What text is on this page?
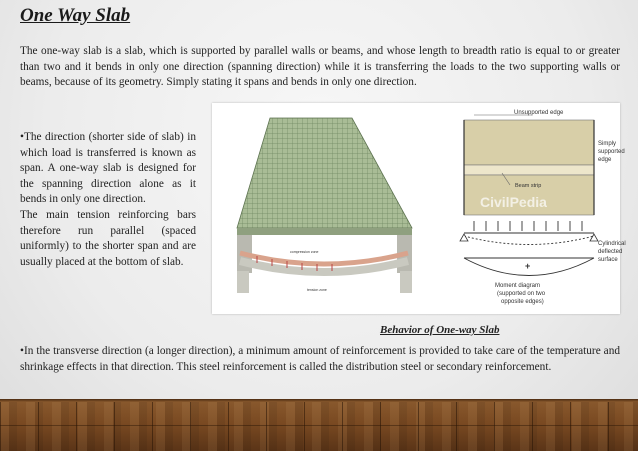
One Way Slab
The one-way slab is a slab, which is supported by parallel walls or beams, and whose length to breadth ratio is equal to or greater than two and it bends in only one direction (spanning direction) while it is transferring the loads to the two supporting walls or beams, because of its geometry. Simply stating it spans and bends in only one direction.

•The direction (shorter side of slab) in which load is transferred is known as span. A one-way slab is designed for the spanning direction alone as it bends in only one direction.

The main tension reinforcing bars therefore run parallel (spaced uniformly) to the shorter span and are usually placed at the bottom of slab.

compression zone
tension zone
Unsupported edge
Beam strip
Simply
supported
edge
CivilPedia
Cylindrical
deflected
surface
+
Moment diagram
(supported on two
opposite edges)
Behavior of One-way Slab
•In the transverse direction (a longer direction), a minimum amount of reinforcement is provided to take care of the temperature and shrinkage effects in that direction. This steel reinforcement is called the distribution steel or secondary reinforcement.
